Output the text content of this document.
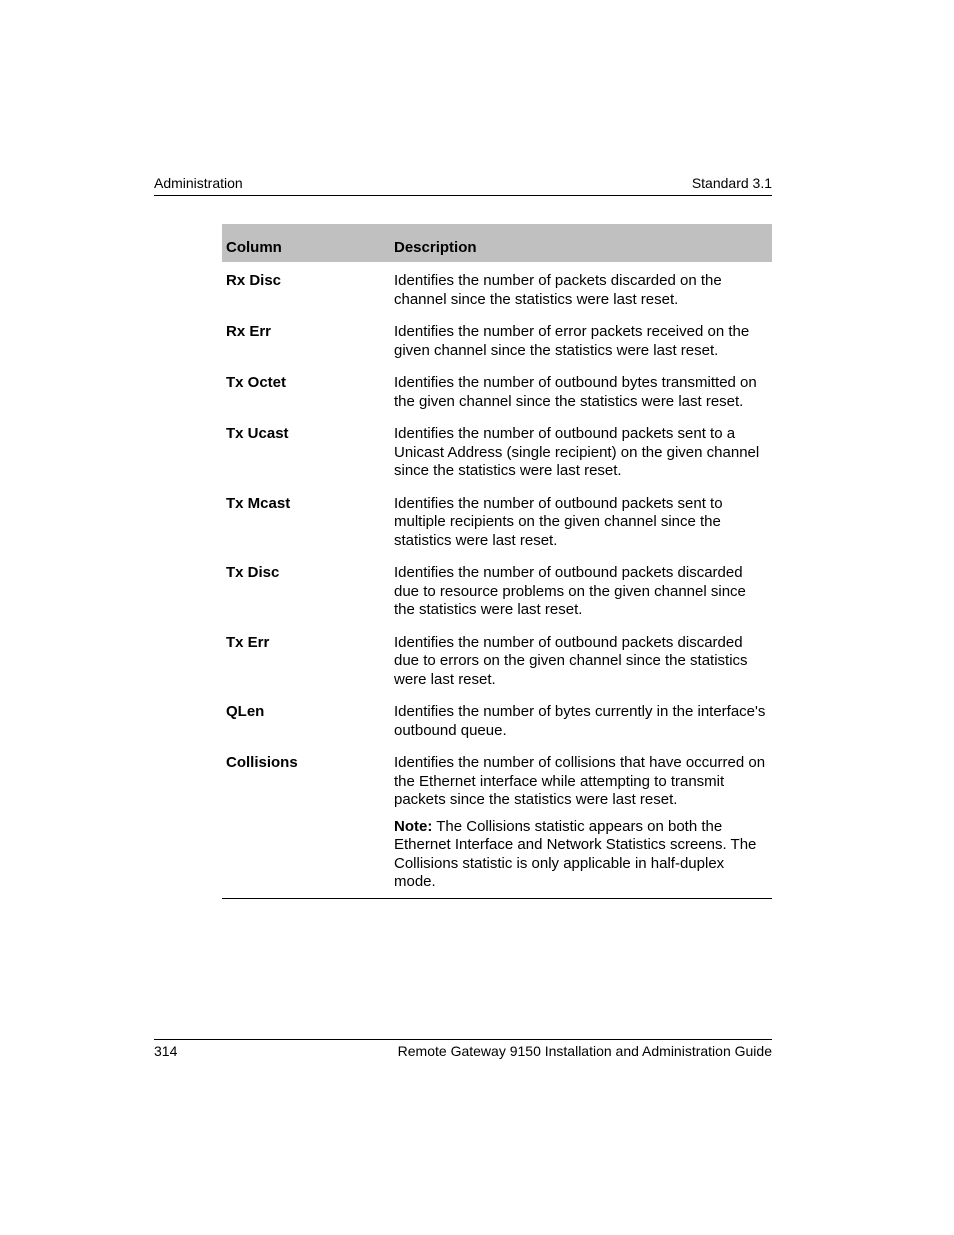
Administration	Standard 3.1
Column	Description
Rx Disc	Identifies the number of packets discarded on the channel since the statistics were last reset.
Rx Err	Identifies the number of error packets received on the given channel since the statistics were last reset.
Tx Octet	Identifies the number of outbound bytes transmitted on the given channel since the statistics were last reset.
Tx Ucast	Identifies the number of outbound packets sent to a Unicast Address (single recipient) on the given channel since the statistics were last reset.
Tx Mcast	Identifies the number of outbound packets sent to multiple recipients on the given channel since the statistics were last reset.
Tx Disc	Identifies the number of outbound packets discarded due to resource problems on the given channel since the statistics were last reset.
Tx Err	Identifies the number of outbound packets discarded due to errors on the given channel since the statistics were last reset.
QLen	Identifies the number of bytes currently in the interface's outbound queue.
Collisions	Identifies the number of collisions that have occurred on the Ethernet interface while attempting to transmit packets since the statistics were last reset.
	Note: The Collisions statistic appears on both the Ethernet Interface and Network Statistics screens. The Collisions statistic is only applicable in half-duplex mode.
314	Remote Gateway 9150 Installation and Administration Guide
